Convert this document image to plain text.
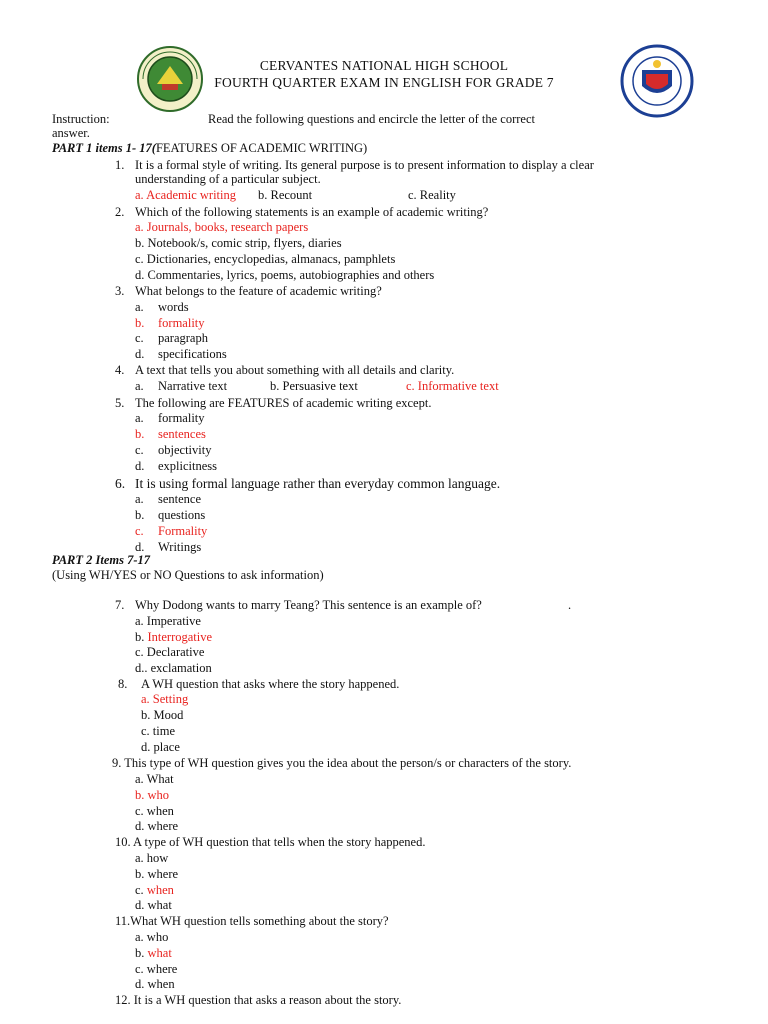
CERVANTES NATIONAL HIGH SCHOOL
FOURTH QUARTER EXAM IN ENGLISH FOR GRADE 7
Instruction:	Read the following questions and encircle the letter of the correct
answer.
PART 1 items 1- 17(FEATURES OF ACADEMIC WRITING)
1. It is a formal style of writing. Its general purpose is to present information to display a clear
understanding of a particular subject.
a. Academic writing b. Recount	c. Reality
2. Which of the following statements is an example of academic writing?
a. Journals, books, research papers
b. Notebook/s, comic strip, flyers, diaries
c. Dictionaries, encyclopedias, almanacs, pamphlets
d. Commentaries, lyrics, poems, autobiographies and others
3. What belongs to the feature of academic writing?
a. words
b. formality
c. paragraph
d. specifications
4. A text that tells you about something with all details and clarity.
a. Narrative text	b. Persuasive text	c. Informative text
5. The following are FEATURES of academic writing except.
a. formality
b. sentences
c. objectivity
d. explicitness
6. It is using formal language rather than everyday common language.
a. sentence
b. questions
c. Formality
d. Writings
PART 2 Items 7-17
(Using WH/YES or NO Questions to ask information)
7. Why Dodong wants to marry Teang? This sentence is an example of?	.
a. Imperative
b. Interrogative
c. Declarative
d.. exclamation
8. A WH question that asks where the story happened.
a. Setting
b. Mood
c. time
d. place
9. This type of WH question gives you the idea about the person/s or characters of the story.
a. What
b. who
c. when
d. where
10. A type of WH question that tells when the story happened.
a. how
b. where
c. when
d. what
11.What WH question tells something about the story?
a. who
b. what
c. where
d. when
12. It is a WH question that asks a reason about the story.
